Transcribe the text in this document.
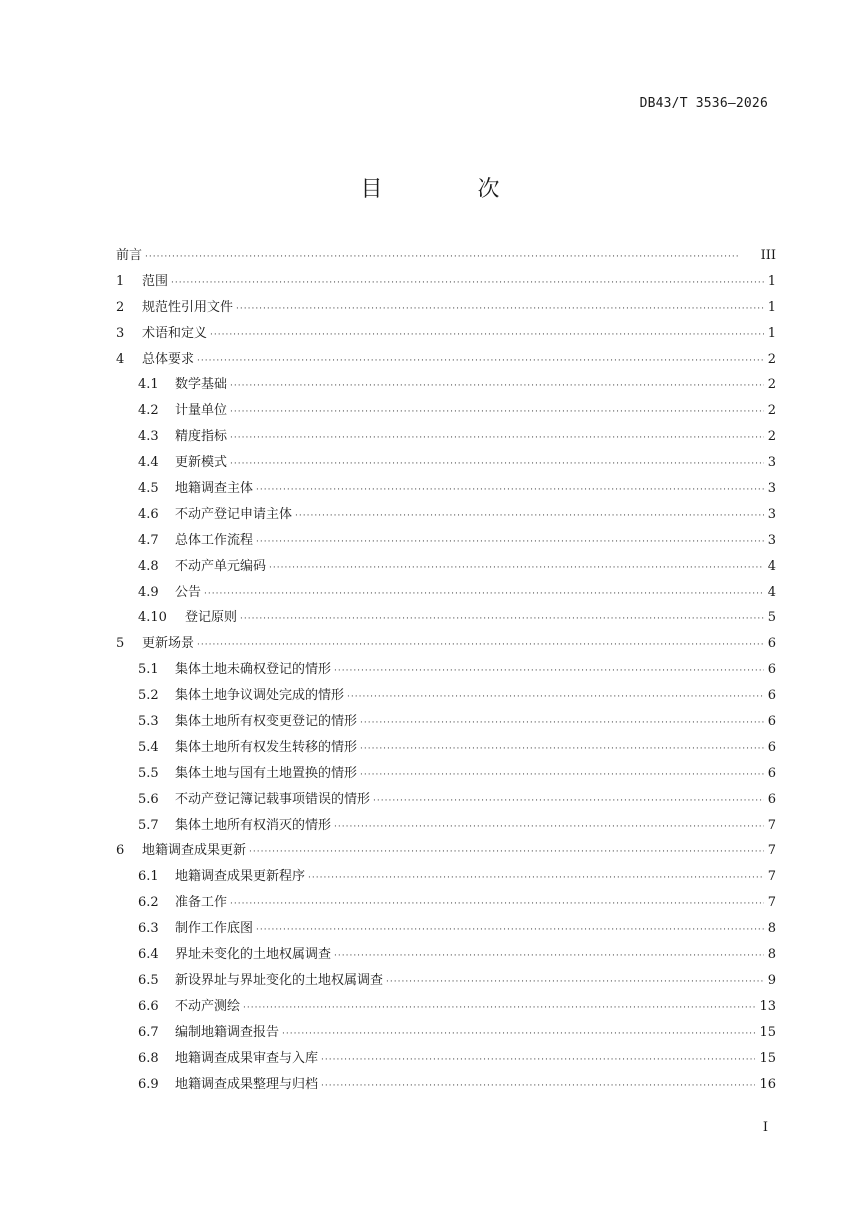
DB43/T 3536—2026
目 次
前言 ·····	III
1	范围 ·····	1
2	规范性引用文件 ·····	1
3	术语和定义 ·····	1
4	总体要求 ·····	2
4.1	数学基础 ·····	2
4.2	计量单位 ·····	2
4.3	精度指标 ·····	2
4.4	更新模式 ·····	3
4.5	地籍调查主体 ·····	3
4.6	不动产登记申请主体 ·····	3
4.7	总体工作流程 ·····	3
4.8	不动产单元编码 ·····	4
4.9	公告 ·····	4
4.10	登记原则 ·····	5
5	更新场景 ·····	6
5.1	集体土地未确权登记的情形 ·····	6
5.2	集体土地争议调处完成的情形 ·····	6
5.3	集体土地所有权变更登记的情形 ·····	6
5.4	集体土地所有权发生转移的情形 ·····	6
5.5	集体土地与国有土地置换的情形 ·····	6
5.6	不动产登记簿记载事项错误的情形 ·····	6
5.7	集体土地所有权消灭的情形 ·····	7
6	地籍调查成果更新 ·····	7
6.1	地籍调查成果更新程序 ·····	7
6.2	准备工作 ·····	7
6.3	制作工作底图 ·····	8
6.4	界址未变化的土地权属调查 ·····	8
6.5	新设界址与界址变化的土地权属调查 ·····	9
6.6	不动产测绘 ·····	13
6.7	编制地籍调查报告 ·····	15
6.8	地籍调查成果审查与入库 ·····	15
6.9	地籍调查成果整理与归档 ·····	16
I
